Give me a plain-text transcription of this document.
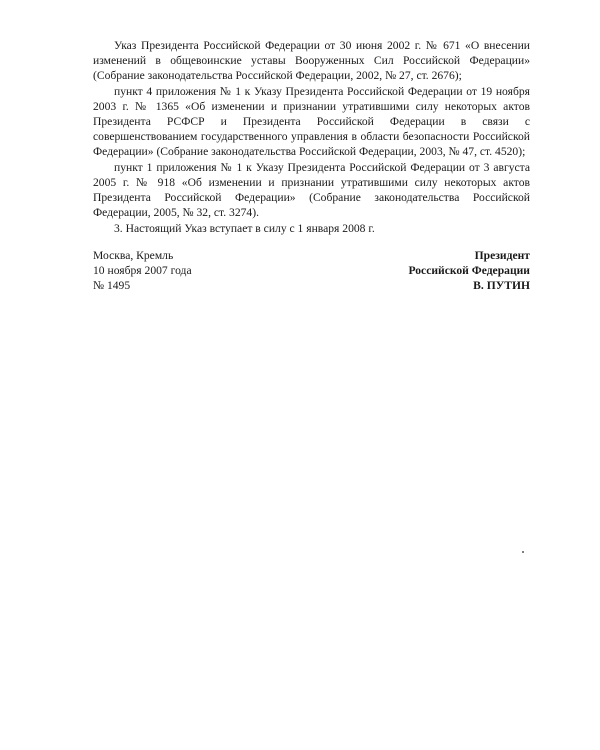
Указ Президента Российской Федерации от 30 июня 2002 г. № 671 «О внесении изменений в общевоинские уставы Вооруженных Сил Российской Федерации» (Собрание законодательства Российской Федерации, 2002, № 27, ст. 2676);

пункт 4 приложения № 1 к Указу Президента Российской Федерации от 19 ноября 2003 г. № 1365 «Об изменении и признании утратившими силу некоторых актов Президента РСФСР и Президента Российской Федерации в связи с совершенствованием государственного управления в области безопасности Российской Федерации» (Собрание законодательства Российской Федерации, 2003, № 47, ст. 4520);

пункт 1 приложения № 1 к Указу Президента Российской Федерации от 3 августа 2005 г. № 918 «Об изменении и признании утратившими силу некоторых актов Президента Российской Федерации» (Собрание законодательства Российской Федерации, 2005, № 32, ст. 3274).

3. Настоящий Указ вступает в силу с 1 января 2008 г.

Москва, Кремль
10 ноября 2007 года
№ 1495
Президент
Российской Федерации
В. ПУТИН
